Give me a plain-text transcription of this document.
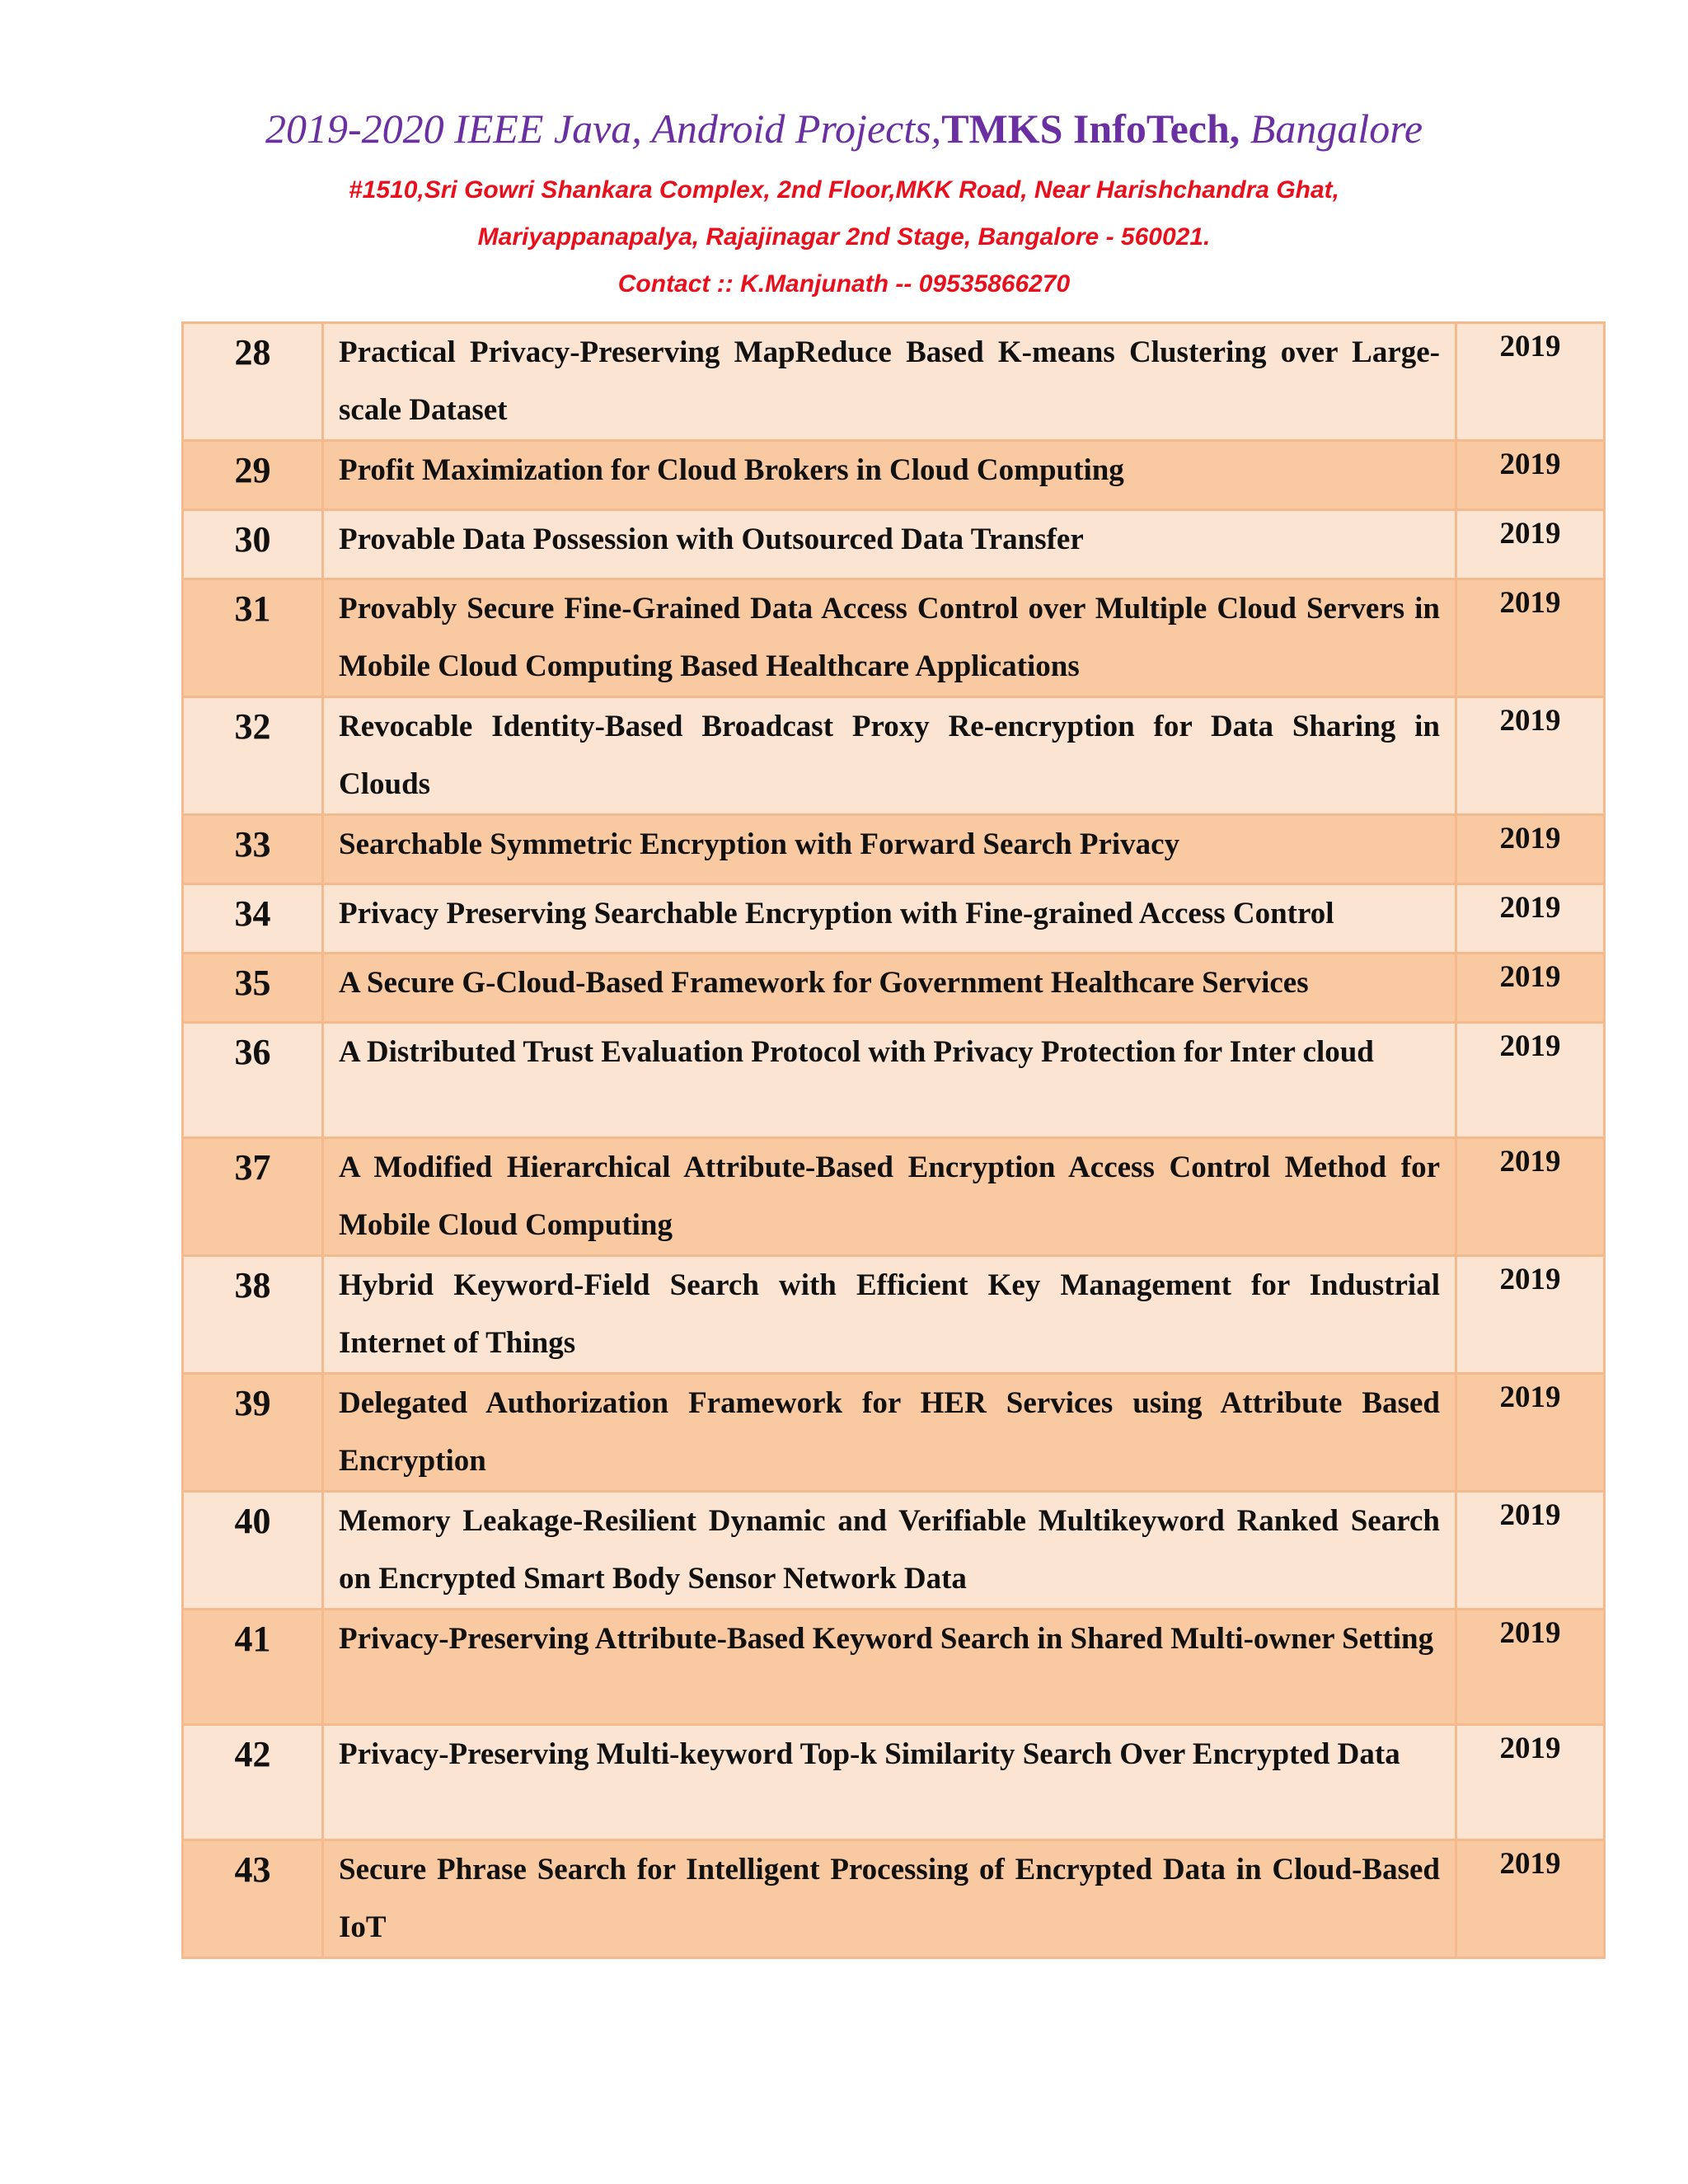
2019-2020 IEEE Java, Android Projects,TMKS InfoTech, Bangalore
#1510,Sri Gowri Shankara Complex, 2nd Floor,MKK Road, Near Harishchandra Ghat,
Mariyappanapalya, Rajajinagar 2nd Stage, Bangalore - 560021.
Contact :: K.Manjunath -- 09535866270
28	Practical Privacy-Preserving MapReduce Based K-means Clustering over Large-scale Dataset	2019
29	Profit Maximization for Cloud Brokers in Cloud Computing	2019
30	Provable Data Possession with Outsourced Data Transfer	2019
31	Provably Secure Fine-Grained Data Access Control over Multiple Cloud Servers in Mobile Cloud Computing Based Healthcare Applications	2019
32	Revocable Identity-Based Broadcast Proxy Re-encryption for Data Sharing in Clouds	2019
33	Searchable Symmetric Encryption with Forward Search Privacy	2019
34	Privacy Preserving Searchable Encryption with Fine-grained Access Control	2019
35	A Secure G-Cloud-Based Framework for Government Healthcare Services	2019
36	A Distributed Trust Evaluation Protocol with Privacy Protection for Inter cloud	2019
37	A Modified Hierarchical Attribute-Based Encryption Access Control Method for Mobile Cloud Computing	2019
38	Hybrid Keyword-Field Search with Efficient Key Management for Industrial Internet of Things	2019
39	Delegated Authorization Framework for HER Services using Attribute Based Encryption	2019
40	Memory Leakage-Resilient Dynamic and Verifiable Multikeyword Ranked Search on Encrypted Smart Body Sensor Network Data	2019
41	Privacy-Preserving Attribute-Based Keyword Search in Shared Multi-owner Setting	2019
42	Privacy-Preserving Multi-keyword Top-k Similarity Search Over Encrypted Data	2019
43	Secure Phrase Search for Intelligent Processing of Encrypted Data in Cloud-Based IoT	2019
